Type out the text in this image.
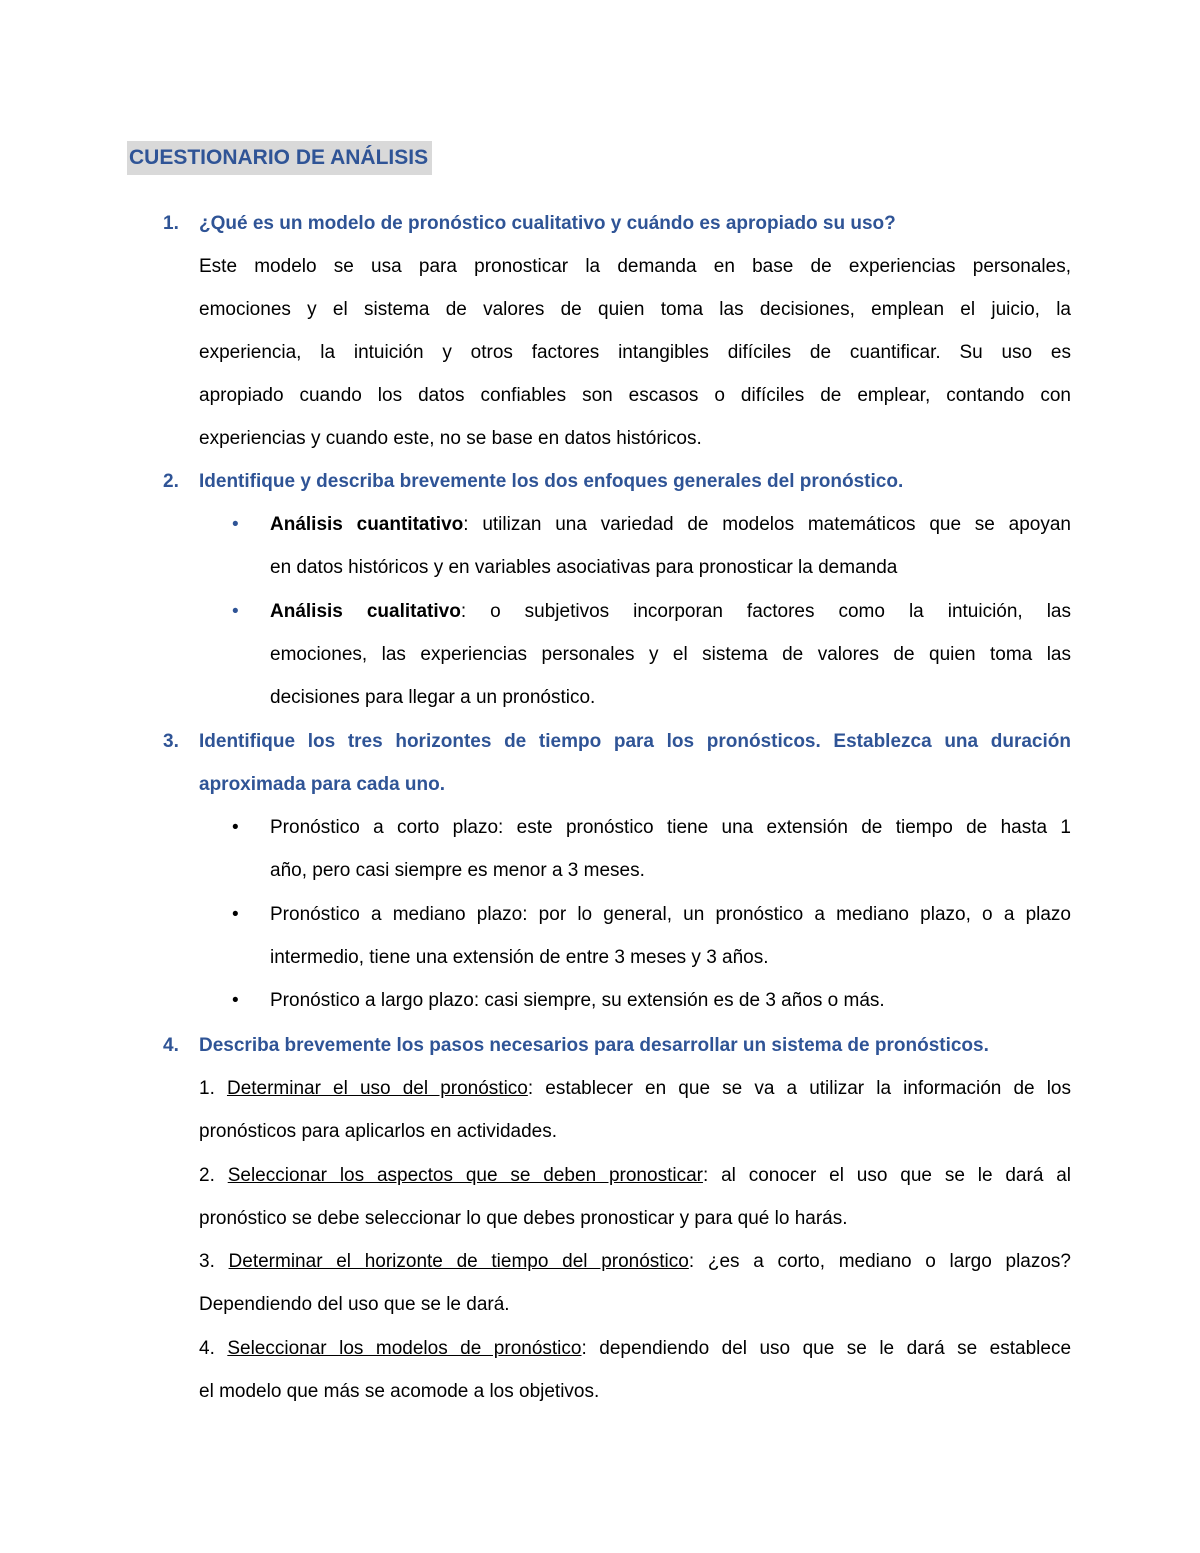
CUESTIONARIO DE ANÁLISIS
1. ¿Qué es un modelo de pronóstico cualitativo y cuándo es apropiado su uso?
Este modelo se usa para pronosticar la demanda en base de experiencias personales,
emociones y el sistema de valores de quien toma las decisiones, emplean el juicio, la
experiencia, la intuición y otros factores intangibles difíciles de cuantificar. Su uso es
apropiado cuando los datos confiables son escasos o difíciles de emplear, contando con
experiencias y cuando este, no se base en datos históricos.
2. Identifique y describa brevemente los dos enfoques generales del pronóstico.
• Análisis cuantitativo: utilizan una variedad de modelos matemáticos que se apoyan
en datos históricos y en variables asociativas para pronosticar la demanda
• Análisis cualitativo: o subjetivos incorporan factores como la intuición, las
emociones, las experiencias personales y el sistema de valores de quien toma las
decisiones para llegar a un pronóstico.
3. Identifique los tres horizontes de tiempo para los pronósticos. Establezca una duración
aproximada para cada uno.
• Pronóstico a corto plazo: este pronóstico tiene una extensión de tiempo de hasta 1
año, pero casi siempre es menor a 3 meses.
• Pronóstico a mediano plazo: por lo general, un pronóstico a mediano plazo, o a plazo
intermedio, tiene una extensión de entre 3 meses y 3 años.
• Pronóstico a largo plazo: casi siempre, su extensión es de 3 años o más.
4. Describa brevemente los pasos necesarios para desarrollar un sistema de pronósticos.
1. Determinar el uso del pronóstico: establecer en que se va a utilizar la información de los
pronósticos para aplicarlos en actividades.
2. Seleccionar los aspectos que se deben pronosticar: al conocer el uso que se le dará al
pronóstico se debe seleccionar lo que debes pronosticar y para qué lo harás.
3. Determinar el horizonte de tiempo del pronóstico: ¿es a corto, mediano o largo plazos?
Dependiendo del uso que se le dará.
4. Seleccionar los modelos de pronóstico: dependiendo del uso que se le dará se establece
el modelo que más se acomode a los objetivos.
